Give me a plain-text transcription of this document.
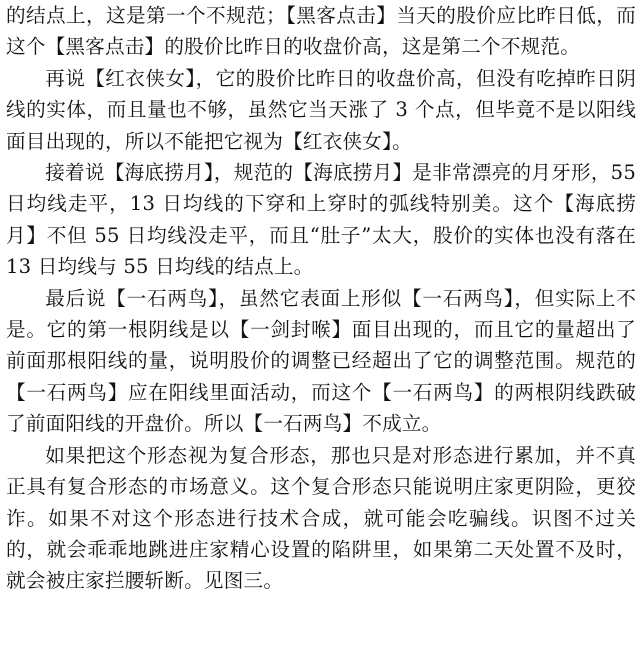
的结点上，这是第一个不规范；【黑客点击】当天的股价应比昨日低，而这个【黑客点击】的股价比昨日的收盘价高，这是第二个不规范。

再说【红衣侠女】，它的股价比昨日的收盘价高，但没有吃掉昨日阴线的实体，而且量也不够，虽然它当天涨了 3 个点，但毕竟不是以阳线面目出现的，所以不能把它视为【红衣侠女】。

接着说【海底捞月】，规范的【海底捞月】是非常漂亮的月牙形，55 日均线走平，13 日均线的下穿和上穿时的弧线特别美。这个【海底捞月】不但 55 日均线没走平，而且“肚子”太大，股价的实体也没有落在 13 日均线与 55 日均线的结点上。

最后说【一石两鸟】，虽然它表面上形似【一石两鸟】，但实际上不是。它的第一根阴线是以【一剑封喉】面目出现的，而且它的量超出了前面那根阳线的量，说明股价的调整已经超出了它的调整范围。规范的【一石两鸟】应在阳线里面活动，而这个【一石两鸟】的两根阴线跌破了前面阳线的开盘价。所以【一石两鸟】不成立。

如果把这个形态视为复合形态，那也只是对形态进行累加，并不真正具有复合形态的市场意义。这个复合形态只能说明庄家更阴险，更狡诈。如果不对这个形态进行技术合成，就可能会吃骗线。识图不过关的，就会乖乖地跳进庄家精心设置的陷阱里，如果第二天处置不及时，就会被庄家拦腰斩断。见图三。
